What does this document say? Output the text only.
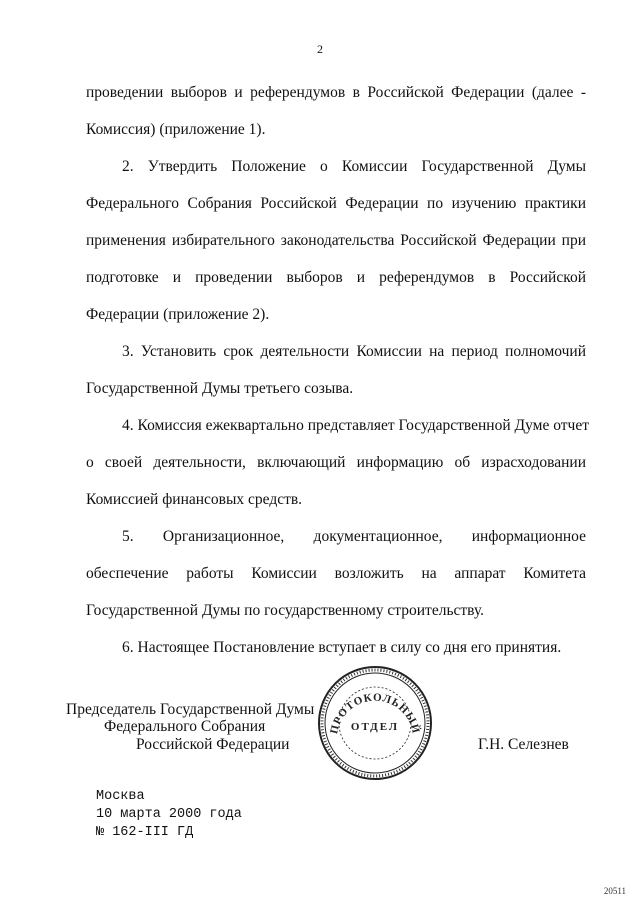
2
проведении выборов и референдумов в Российской Федерации (далее -
Комиссия) (приложение 1).
2. Утвердить Положение о Комиссии Государственной Думы
Федерального Собрания Российской Федерации по изучению практики
применения избирательного законодательства Российской Федерации при
подготовке и проведении выборов и референдумов в Российской
Федерации (приложение 2).
3. Установить срок деятельности Комиссии на период полномочий
Государственной Думы третьего созыва.
4. Комиссия ежеквартально представляет Государственной Думе отчет
о своей деятельности, включающий информацию об израсходовании
Комиссией финансовых средств.
5. Организационное, документационное, информационное
обеспечение работы Комиссии возложить на аппарат Комитета
Государственной Думы по государственному строительству.
6. Настоящее Постановление вступает в силу со дня его принятия.
Председатель Государственной Думы
Федерального Собрания
Российской Федерации	Г.Н. Селезнев
ПРОТОКОЛЬНЫЙ
ОТДЕЛ
Москва
10 марта 2000 года
№ 162-III ГД
20511
